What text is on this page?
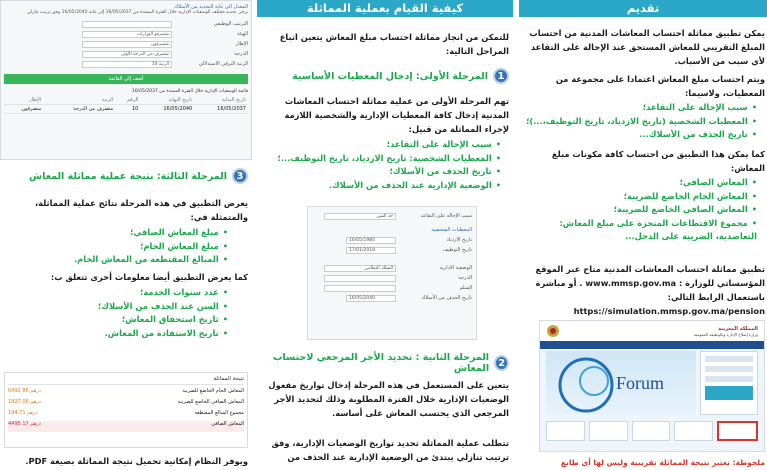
تقديم
يمكن تطبيق مماثلة احتساب المعاشات المدنية من احتساب المبلغ التقريبي للمعاش المستحق عند الإحالة على التقاعد لأي سبب من الأسباب.
ويتم احتساب مبلغ المعاش اعتمادا على مجموعة من المعطيات، ولاسيما:
• سبب الإحالة على التقاعد؛
• المعطيات الشخصية (تاريخ الازدياد، تاريخ التوظيف،...)؛
• تاريخ الحذف من الأسلاك...
كما يمكن هذا التطبيق من احتساب كافة مكونات مبلغ المعاش:
• المعاش الصافي؛
• المعاش الخام الخاضع للضريبة؛
• المعاش الصافي الخاضع للضريبة؛
• مجموع الاقتطاعات المنجزة على مبلغ المعاش: التعاضدية، الضريبة على الدخل...
تطبيق مماثلة احتساب المعاشات المدنية متاح عبر الموقع المؤسساتي للوزارة : www.mmsp.gov.ma . أو مباشرة باستعمال الرابط التالي: https://simulation.mmsp.gov.ma/pension
المملكة المغربية
وزارة إصلاح الإدارة وبالوظيفة العمومية
Forum
ملحوظة: تعتبر نتيجة المماثلة تقريبية وليس لها أي طابع
كيفية القيام بعملية المماثلة
للتمكن من انجاز مماثلة احتساب مبلغ المعاش يتعين اتباع المراحل التالية:
1
المرحلة الأولى: إدخال المعطيات الأساسية
تهم المرحلة الأولى من عملية مماثلة احتساب المعاشات المدنية إدخال كافة المعطيات الإدارية والشخصية اللازمة لإجراء المماثلة من قبيل:
• سبب الإحالة على التقاعد؛
• المعطيات الشخصية: تاريخ الازدياد، تاريخ التوظيف...؛
• تاريخ الحذف من الأسلاك؛
• الوضعية الإدارية عند الحذف من الأسلاك.
سبب الإحالة على التقاعد
حد السن
المعطيات الشخصية
تاريخ الازدياد
16/05/1980
تاريخ التوظيف
17/01/2018
الوضعية الادارية
السلك النظامي
الدرجة
السلم
تاريخ الحذف من الأسلاك
16/05/2040
2
المرحلة الثانية : تحديد الأجر المرجعي لاحتساب المعاش
يتعين على المستعمل في هذه المرحلة إدخال تواريخ مفعول الوضعيات الإدارية خلال الفترة المطلوبة وذلك لتحديد الأجر المرجعي الذي يحتسب المعاش على أساسه.
تتطلب عملية المماثلة تحديد تواريخ الوضعيات الإدارية، وفق ترتيب تنازلي يبتدئ من الوضعية الإدارية عند الحذف من
المعدل الى غاية التحديد من الأسلاك
يرجى تحديد مختلف الوضعيات الإدارية خلال الفترة الممتدة من 16/05/2037 إلى غاية 16/05/2040 وفق ترتيب تنازلي
الترتيب الوظيفي
الهيئة
متصرفو الوزارات
الإطار
متصرفون
الدرجة
متصرف من الدرجة الأولى
الرتبة الترقي الاستدلالي
الرتبة 10
أضف إلى القائمة
قائمة الوضعيات الإدارية خلال الفترة الممتدة من 16/05/2037
تاريخ البداية	تاريخ النهاية	الرقم	الرتبة	الإطار
16/05/2037	16/05/2040	10	متصرف من الدرجة	متصرفون
3
المرحلة الثالثة: نتيجة عملية مماثلة المعاش
يعرض التطبيق في هذه المرحلة نتائج عملية المماثلة، والمتمثلة في:
• مبلغ المعاش الصافي؛
• مبلغ المعاش الخام؛
• المبالغ المقتطعة من المعاش الخام.
كما يعرض التطبيق أيضا معلومات أخرى تتعلق ب:
• عدد سنوات الخدمة؛
• السن عند الحذف من الأسلاك؛
• تاريخ استحقاق المعاش؛
• تاريخ الاستفادة من المعاش.
نتيجة المماثلة
المعاش الخام الخاضع للضريبة
6492.86 درهم
المعاش الصافي الخاضع للضريبة
1827.06 درهم
مجموع المبالغ المقتطعة
194.71 درهم
المعاش الصافي
4495.17 درهم
ويوفر النظام إمكانية تحميل نتيجة المماثلة بصيغة PDF.
